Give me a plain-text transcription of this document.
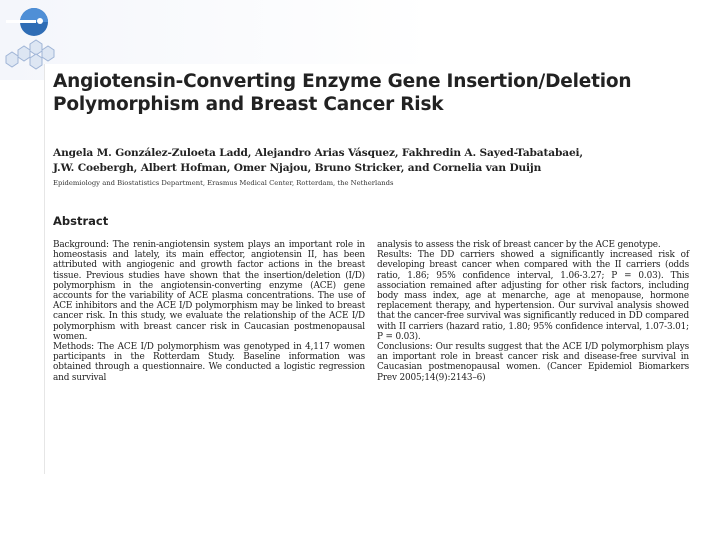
Angiotensin-Converting Enzyme Gene Insertion/Deletion
Polymorphism and Breast Cancer Risk
Angela M. González-Zuloeta Ladd, Alejandro Arias Vásquez, Fakhredin A. Sayed-Tabatabaei,
J.W. Coebergh, Albert Hofman, Omer Njajou, Bruno Stricker, and Cornelia van Duijn
Epidemiology and Biostatistics Department, Erasmus Medical Center, Rotterdam, the Netherlands
Abstract

Background: The renin-angiotensin system plays an important role in homeostasis and lately, its main effector, angiotensin II, has been attributed with angiogenic and growth factor actions in the breast tissue. Previous studies have shown that the insertion/deletion (I/D) polymorphism in the angiotensin-converting enzyme (ACE) gene accounts for the variability of ACE plasma concentrations. The use of ACE inhibitors and the ACE I/D polymorphism may be linked to breast cancer risk. In this study, we evaluate the relationship of the ACE I/D polymorphism with breast cancer risk in Caucasian postmenopausal women.

Methods: The ACE I/D polymorphism was genotyped in 4,117 women participants in the Rotterdam Study. Baseline information was obtained through a questionnaire. We conducted a logistic regression and survival

analysis to assess the risk of breast cancer by the ACE genotype.

Results: The DD carriers showed a significantly increased risk of developing breast cancer when compared with the II carriers (odds ratio, 1.86; 95% confidence interval, 1.06-3.27; P = 0.03). This association remained after adjusting for other risk factors, including body mass index, age at menarche, age at menopause, hormone replacement therapy, and hypertension. Our survival analysis showed that the cancer-free survival was significantly reduced in DD compared with II carriers (hazard ratio, 1.80; 95% confidence interval, 1.07-3.01; P = 0.03).

Conclusions: Our results suggest that the ACE I/D polymorphism plays an important role in breast cancer risk and disease-free survival in Caucasian postmenopausal women. (Cancer Epidemiol Biomarkers Prev 2005;14(9):2143–6)
